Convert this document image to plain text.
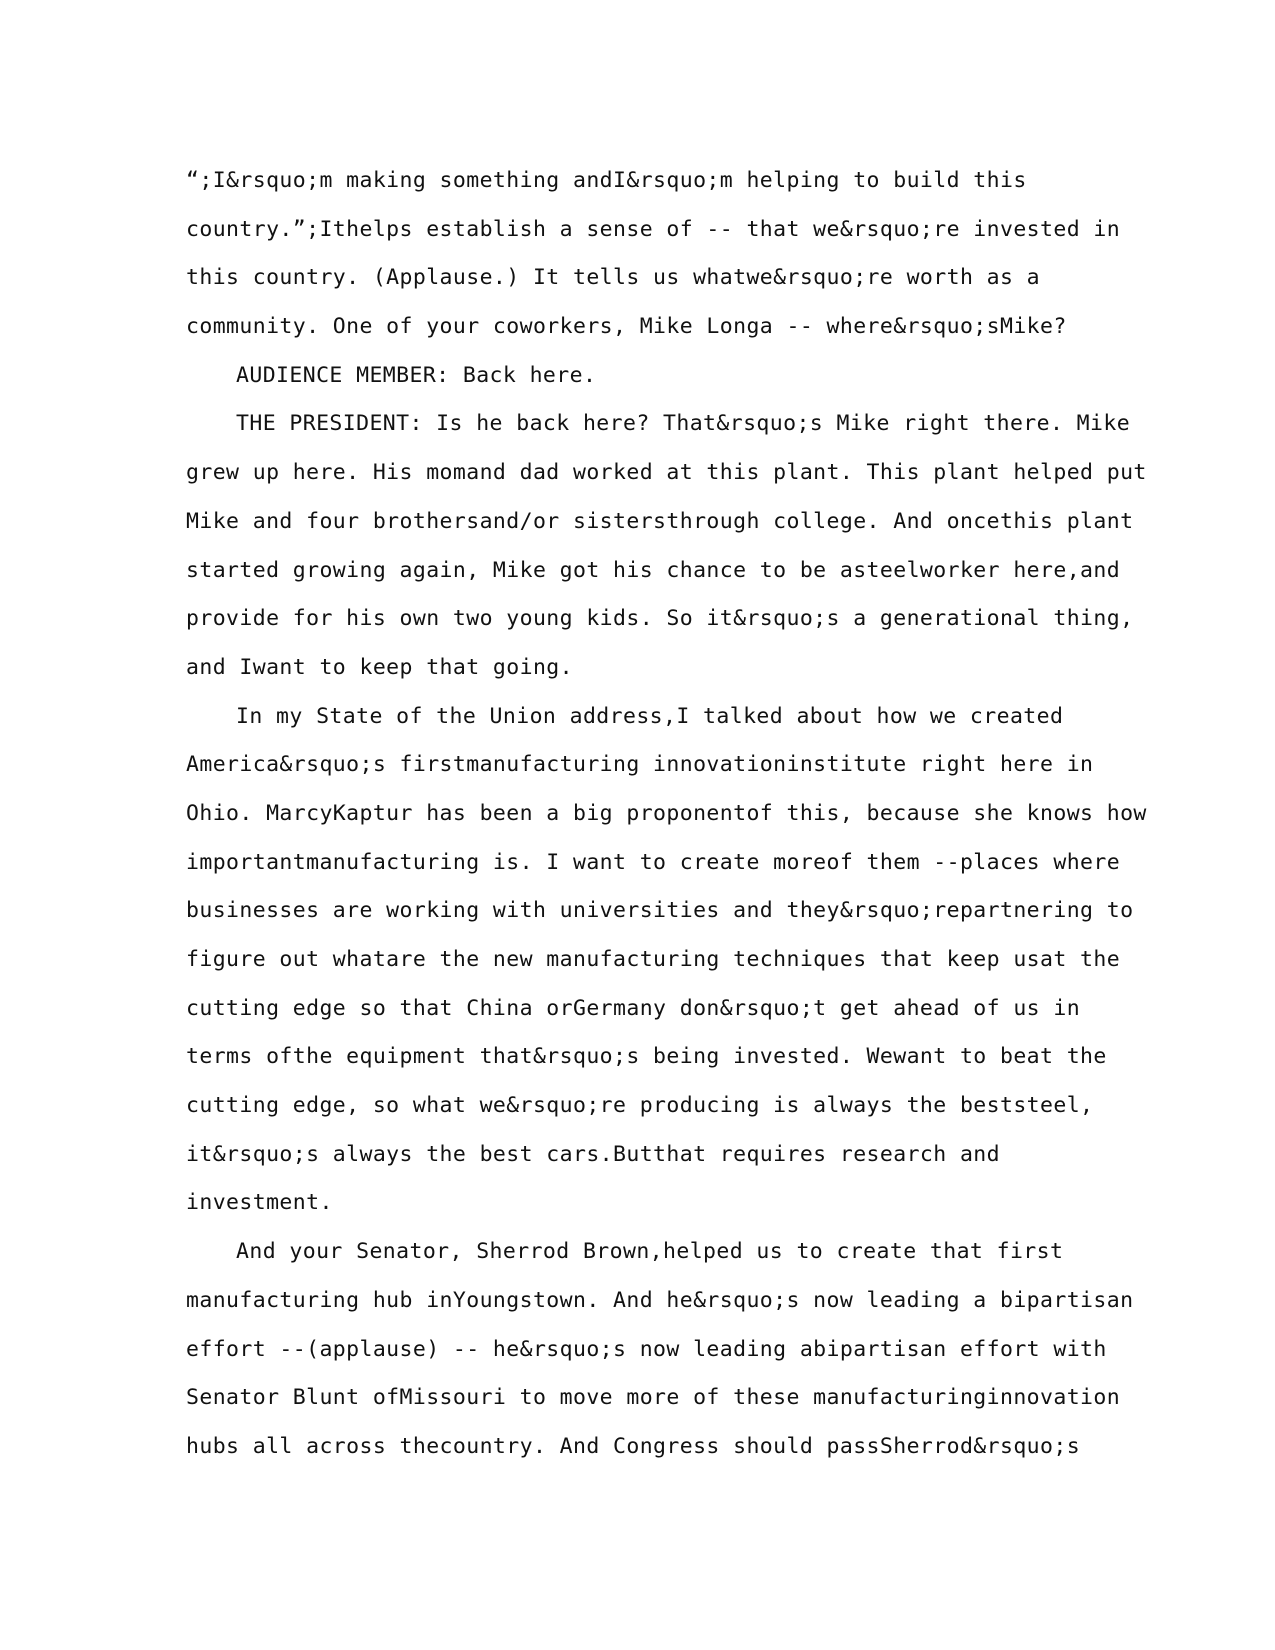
“;I&rsquo;m making something andI&rsquo;m helping to build this
country.”;Ithelps establish a sense of -- that we&rsquo;re invested in
this country. (Applause.) It tells us whatwe&rsquo;re worth as a
community. One of your coworkers, Mike Longa -- where&rsquo;sMike?
AUDIENCE MEMBER: Back here.
THE PRESIDENT: Is he back here? That&rsquo;s Mike right there. Mike
grew up here. His momand dad worked at this plant. This plant helped put
Mike and four brothersand/or sistersthrough college. And oncethis plant
started growing again, Mike got his chance to be asteelworker here,and
provide for his own two young kids. So it&rsquo;s a generational thing,
and Iwant to keep that going.
In my State of the Union address,I talked about how we created
America&rsquo;s firstmanufacturing innovationinstitute right here in
Ohio. MarcyKaptur has been a big proponentof this, because she knows how
importantmanufacturing is. I want to create moreof them --places where
businesses are working with universities and they&rsquo;repartnering to
figure out whatare the new manufacturing techniques that keep usat the
cutting edge so that China orGermany don&rsquo;t get ahead of us in
terms ofthe equipment that&rsquo;s being invested. Wewant to beat the
cutting edge, so what we&rsquo;re producing is always the beststeel,
it&rsquo;s always the best cars.Butthat requires research and
investment.
And your Senator, Sherrod Brown,helped us to create that first
manufacturing hub inYoungstown. And he&rsquo;s now leading a bipartisan
effort --(applause) -- he&rsquo;s now leading abipartisan effort with
Senator Blunt ofMissouri to move more of these manufacturinginnovation
hubs all across thecountry. And Congress should passSherrod&rsquo;s
